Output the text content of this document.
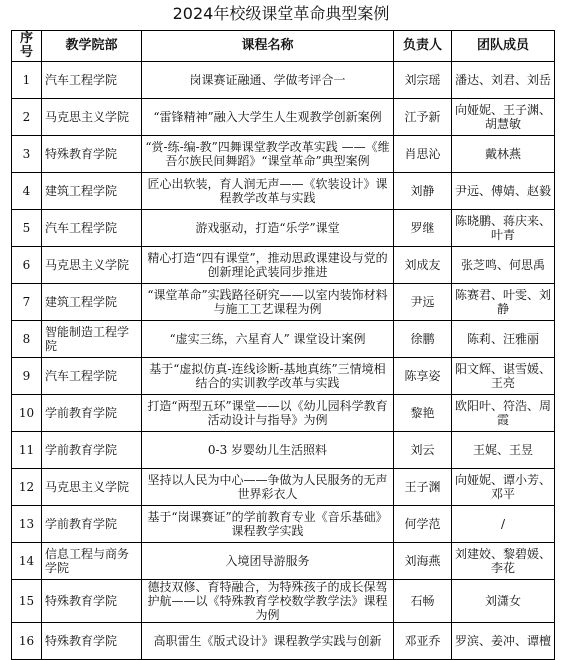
2024年校级课堂革命典型案例
序号	教学院部	课程名称	负责人	团队成员
1	汽车工程学院	岗课赛证融通、学做考评合一	刘宗瑶	潘达、刘君、刘岳
2	马克思主义学院	“雷锋精神”融入大学生人生观教学创新案例	江予新	向娅妮、王子渊、胡慧敏
3	特殊教育学院	“赏-练-编-教”四舞课堂教学改革实践 ——《维吾尔族民间舞蹈》“课堂革命”典型案例	肖思沁	戴林燕
4	建筑工程学院	匠心出软装，育人润无声——《软装设计》课程教学改革与实践	刘静	尹远、傅婧、赵毅
5	汽车工程学院	游戏驱动，打造“乐学”课堂	罗继	陈晓鹏、蒋庆来、叶青
6	马克思主义学院	精心打造“四有课堂”，推动思政课建设与党的创新理论武装同步推进	刘成友	张芝鸣、何思禹
7	建筑工程学院	“课堂革命”实践路径研究——以室内装饰材料与施工工艺课程为例	尹远	陈赛君、叶雯、刘静
8	智能制造工程学院	“虚实三练，六星育人” 课堂设计案例	徐鹏	陈莉、汪雅丽
9	汽车工程学院	基于“虚拟仿真-连线诊断-基地真练”三情境相结合的实训教学改革与实践	陈享姿	阳文辉、谌雪媛、王亮
10	学前教育学院	打造“两型五环”课堂——以《幼儿园科学教育活动设计与指导》为例	黎艳	欧阳叶、符浩、周霞
11	学前教育学院	0-3 岁婴幼儿生活照料	刘云	王娓、王昱
12	马克思主义学院	坚持以人民为中心——争做为人民服务的无声世界彩衣人	王子渊	向娅妮、谭小芳、邓平
13	学前教育学院	基于“岗课赛证”的学前教育专业《音乐基础》课程教学实践	何学范	/
14	信息工程与商务学院	入境团导游服务	刘海燕	刘建姣、黎碧媛、李花
15	特殊教育学院	德技双修、育特融合，为特殊孩子的成长保驾护航——以《特殊教育学校数学教学法》课程为例	石畅	刘潇女
16	特殊教育学院	高职雷生《版式设计》课程教学实践与创新	邓亚乔	罗滨、姜冲、谭檀
